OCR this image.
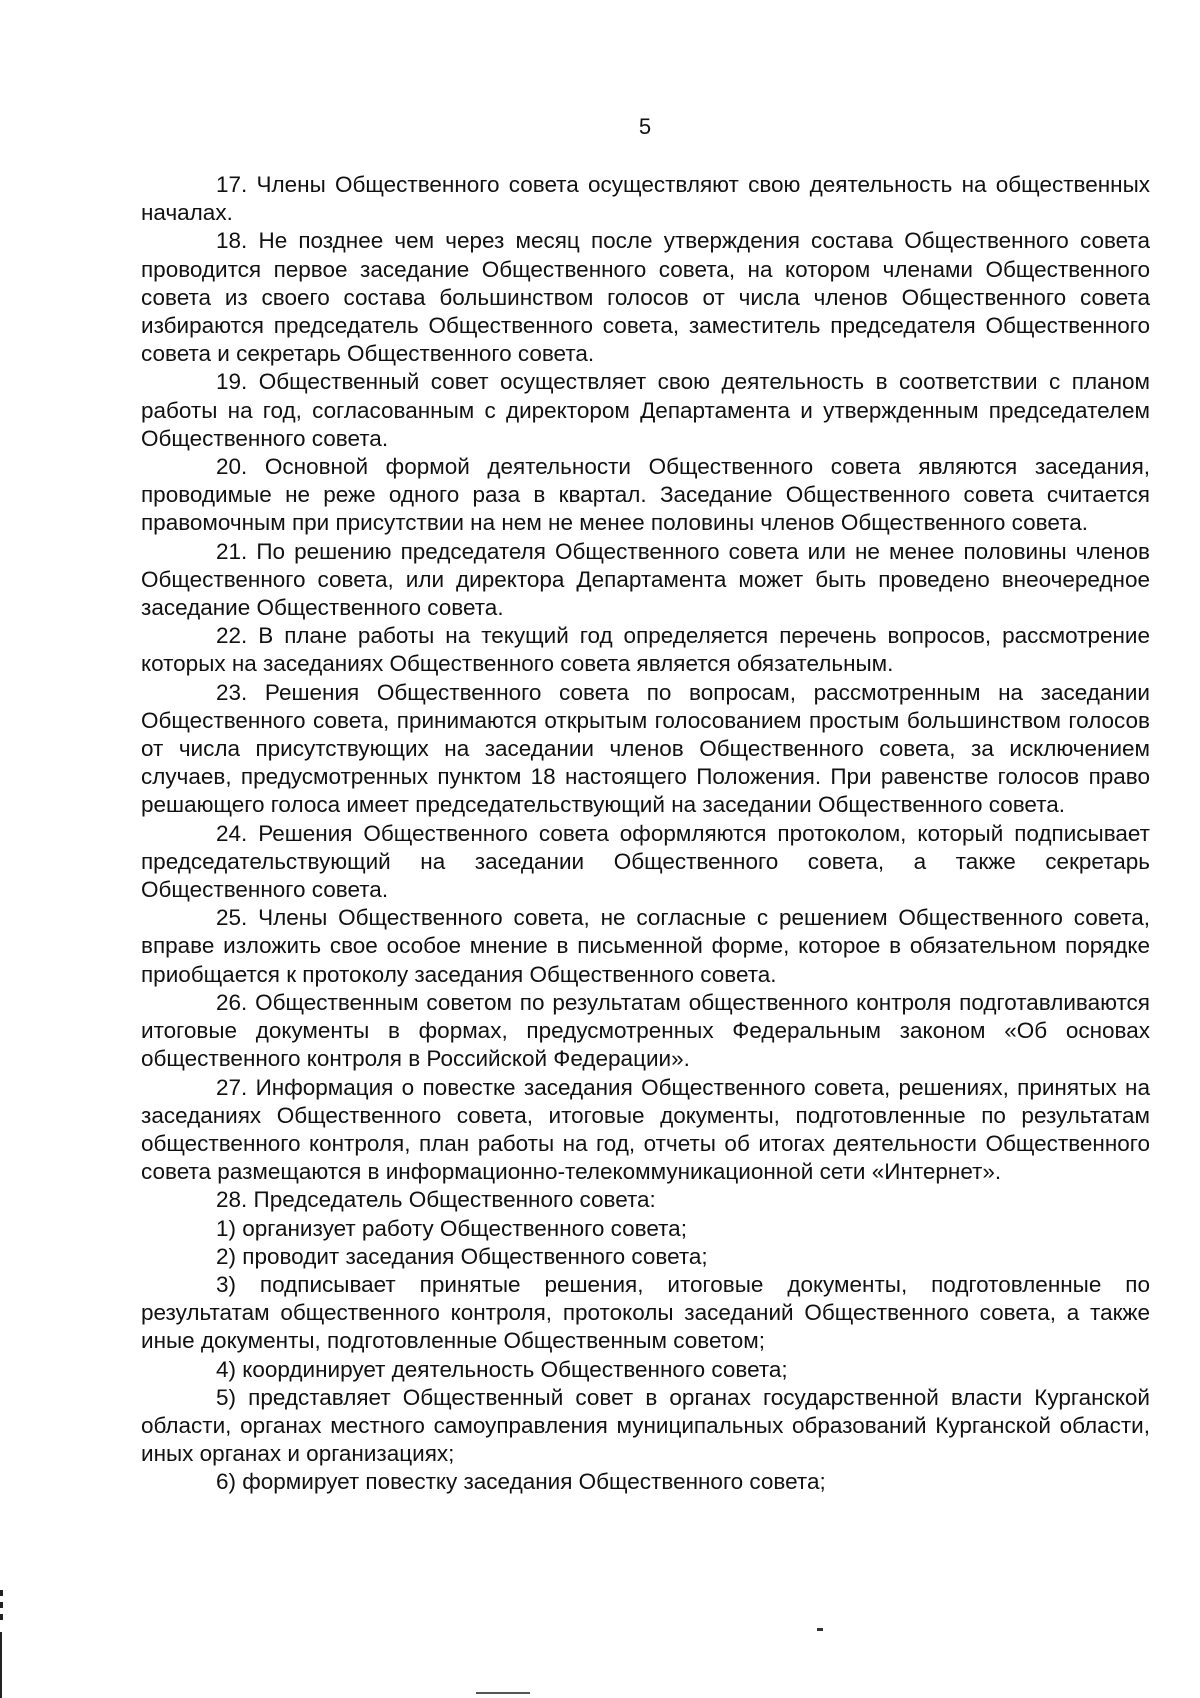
5

17. Члены Общественного совета осуществляют свою деятельность на общественных началах.

18. Не позднее чем через месяц после утверждения состава Общественного совета проводится первое заседание Общественного совета, на котором членами Общественного совета из своего состава большинством голосов от числа членов Общественного совета избираются председатель Общественного совета, заместитель председателя Общественного совета и секретарь Общественного совета.

19. Общественный совет осуществляет свою деятельность в соответствии с планом работы на год, согласованным с директором Департамента и утвержденным председателем Общественного совета.

20. Основной формой деятельности Общественного совета являются заседания, проводимые не реже одного раза в квартал. Заседание Общественного совета считается правомочным при присутствии на нем не менее половины членов Общественного совета.

21. По решению председателя Общественного совета или не менее половины членов Общественного совета, или директора Департамента может быть проведено внеочередное заседание Общественного совета.

22. В плане работы на текущий год определяется перечень вопросов, рассмотрение которых на заседаниях Общественного совета является обязательным.

23. Решения Общественного совета по вопросам, рассмотренным на заседании Общественного совета, принимаются открытым голосованием простым большинством голосов от числа присутствующих на заседании членов Общественного совета, за исключением случаев, предусмотренных пунктом 18 настоящего Положения. При равенстве голосов право решающего голоса имеет председательствующий на заседании Общественного совета.

24. Решения Общественного совета оформляются протоколом, который подписывает председательствующий на заседании Общественного совета, а также секретарь Общественного совета.

25. Члены Общественного совета, не согласные с решением Общественного совета, вправе изложить свое особое мнение в письменной форме, которое в обязательном порядке приобщается к протоколу заседания Общественного совета.

26. Общественным советом по результатам общественного контроля подготавливаются итоговые документы в формах, предусмотренных Федеральным законом «Об основах общественного контроля в Российской Федерации».

27. Информация о повестке заседания Общественного совета, решениях, принятых на заседаниях Общественного совета, итоговые документы, подготовленные по результатам общественного контроля, план работы на год, отчеты об итогах деятельности Общественного совета размещаются в информационно-телекоммуникационной сети «Интернет».

28. Председатель Общественного совета:

1) организует работу Общественного совета;

2) проводит заседания Общественного совета;

3) подписывает принятые решения, итоговые документы, подготовленные по результатам общественного контроля, протоколы заседаний Общественного совета, а также иные документы, подготовленные Общественным советом;

4) координирует деятельность Общественного совета;

5) представляет Общественный совет в органах государственной власти Курганской области, органах местного самоуправления муниципальных образований Курганской области, иных органах и организациях;

6) формирует повестку заседания Общественного совета;
